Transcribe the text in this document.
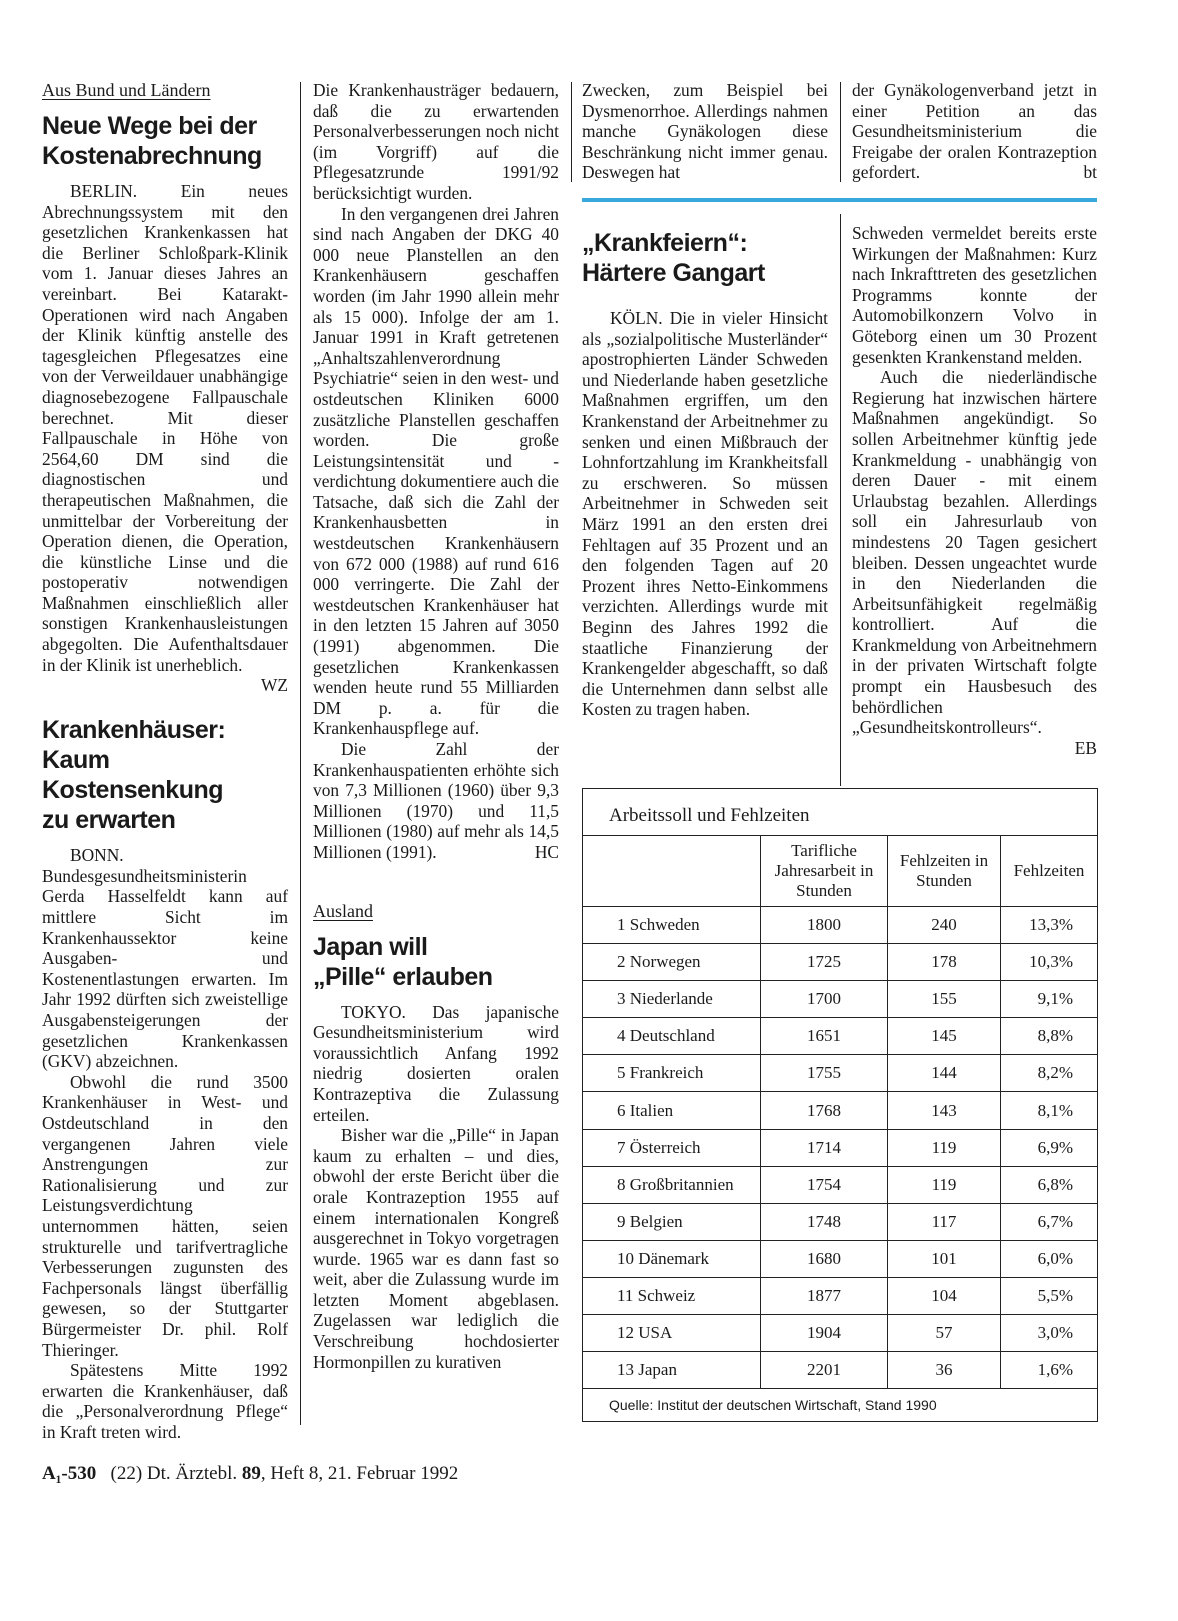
Aus Bund und Ländern
Neue Wege bei der
Kostenabrechnung

BERLIN. Ein neues Abrechnungssystem mit den gesetzlichen Krankenkassen hat die Berliner Schloßpark-Klinik vom 1. Januar dieses Jahres an vereinbart. Bei Katarakt-Operationen wird nach Angaben der Klinik künftig anstelle des tagesgleichen Pflegesatzes eine von der Verweildauer unabhängige diagnosebezogene Fallpauschale berechnet. Mit dieser Fallpauschale in Höhe von 2564,60 DM sind die diagnostischen und therapeutischen Maßnahmen, die unmittelbar der Vorbereitung der Operation dienen, die Operation, die künstliche Linse und die postoperativ notwendigen Maßnahmen einschließlich aller sonstigen Krankenhausleistungen abgegolten. Die Aufenthaltsdauer in der Klinik ist unerheblich.
WZ

Krankenhäuser:
Kaum Kostensenkung
zu erwarten

BONN. Bundesgesundheitsministerin Gerda Hasselfeldt kann auf mittlere Sicht im Krankenhaussektor keine Ausgaben- und Kostenentlastungen erwarten. Im Jahr 1992 dürften sich zweistellige Ausgabensteigerungen der gesetzlichen Krankenkassen (GKV) abzeichnen.

Obwohl die rund 3500 Krankenhäuser in West- und Ostdeutschland in den vergangenen Jahren viele Anstrengungen zur Rationalisierung und zur Leistungsverdichtung unternommen hätten, seien strukturelle und tarifvertragliche Verbesserungen zugunsten des Fachpersonals längst überfällig gewesen, so der Stuttgarter Bürgermeister Dr. phil. Rolf Thieringer.

Spätestens Mitte 1992 erwarten die Krankenhäuser, daß die „Personalverordnung Pflege“ in Kraft treten wird.

Die Krankenhausträger bedauern, daß die zu erwartenden Personalverbesserungen noch nicht (im Vorgriff) auf die Pflegesatzrunde 1991/92 berücksichtigt wurden.

In den vergangenen drei Jahren sind nach Angaben der DKG 40 000 neue Planstellen an den Krankenhäusern geschaffen worden (im Jahr 1990 allein mehr als 15 000). Infolge der am 1. Januar 1991 in Kraft getretenen „Anhaltszahlenverordnung Psychiatrie“ seien in den west- und ostdeutschen Kliniken 6000 zusätzliche Planstellen geschaffen worden. Die große Leistungsintensität und -verdichtung dokumentiere auch die Tatsache, daß sich die Zahl der Krankenhausbetten in westdeutschen Krankenhäusern von 672 000 (1988) auf rund 616 000 verringerte. Die Zahl der westdeutschen Krankenhäuser hat in den letzten 15 Jahren auf 3050 (1991) abgenommen. Die gesetzlichen Krankenkassen wenden heute rund 55 Milliarden DM p. a. für die Krankenhauspflege auf.

Die Zahl der Krankenhauspatienten erhöhte sich von 7,3 Millionen (1960) über 9,3 Millionen (1970) und 11,5 Millionen (1980) auf mehr als 14,5 Millionen (1991).	HC

Ausland
Japan will
„Pille“ erlauben

TOKYO. Das japanische Gesundheitsministerium wird voraussichtlich Anfang 1992 niedrig dosierten oralen Kontrazeptiva die Zulassung erteilen.

Bisher war die „Pille“ in Japan kaum zu erhalten – und dies, obwohl der erste Bericht über die orale Kontrazeption 1955 auf einem internationalen Kongreß ausgerechnet in Tokyo vorgetragen wurde. 1965 war es dann fast so weit, aber die Zulassung wurde im letzten Moment abgeblasen. Zugelassen war lediglich die Verschreibung hochdosierter Hormonpillen zu kurativen

Zwecken, zum Beispiel bei Dysmenorrhoe. Allerdings nahmen manche Gynäkologen diese Beschränkung nicht immer genau. Deswegen hat

„Krankfeiern“:
Härtere Gangart

KÖLN. Die in vieler Hinsicht als „sozialpolitische Musterländer“ apostrophierten Länder Schweden und Niederlande haben gesetzliche Maßnahmen ergriffen, um den Krankenstand der Arbeitnehmer zu senken und einen Mißbrauch der Lohnfortzahlung im Krankheitsfall zu erschweren. So müssen Arbeitnehmer in Schweden seit März 1991 an den ersten drei Fehltagen auf 35 Prozent und an den folgenden Tagen auf 20 Prozent ihres Netto-Einkommens verzichten. Allerdings wurde mit Beginn des Jahres 1992 die staatliche Finanzierung der Krankengelder abgeschafft, so daß die Unternehmen dann selbst alle Kosten zu tragen haben.

der Gynäkologenverband jetzt in einer Petition an das Gesundheitsministerium die Freigabe der oralen Kontrazeption gefordert.	bt

Schweden vermeldet bereits erste Wirkungen der Maßnahmen: Kurz nach Inkrafttreten des gesetzlichen Programms konnte der Automobilkonzern Volvo in Göteborg einen um 30 Prozent gesenkten Krankenstand melden.

Auch die niederländische Regierung hat inzwischen härtere Maßnahmen angekündigt. So sollen Arbeitnehmer künftig jede Krankmeldung - unabhängig von deren Dauer - mit einem Urlaubstag bezahlen. Allerdings soll ein Jahresurlaub von mindestens 20 Tagen gesichert bleiben. Dessen ungeachtet wurde in den Niederlanden die Arbeitsunfähigkeit regelmäßig kontrolliert. Auf die Krankmeldung von Arbeitnehmern in der privaten Wirtschaft folgte prompt ein Hausbesuch des behördlichen „Gesundheitskontrolleurs“.
EB

Arbeitssoll und Fehlzeiten
	Tarifliche Jahresarbeit in Stunden	Fehlzeiten in Stunden	Fehlzeiten
1 Schweden	1800	240	13,3%
2 Norwegen	1725	178	10,3%
3 Niederlande	1700	155	9,1%
4 Deutschland	1651	145	8,8%
5 Frankreich	1755	144	8,2%
6 Italien	1768	143	8,1%
7 Österreich	1714	119	6,9%
8 Großbritannien	1754	119	6,8%
9 Belgien	1748	117	6,7%
10 Dänemark	1680	101	6,0%
11 Schweiz	1877	104	5,5%
12 USA	1904	57	3,0%
13 Japan	2201	36	1,6%
Quelle: Institut der deutschen Wirtschaft, Stand 1990
A₁-530 (22) Dt. Ärztebl. 89, Heft 8, 21. Februar 1992
